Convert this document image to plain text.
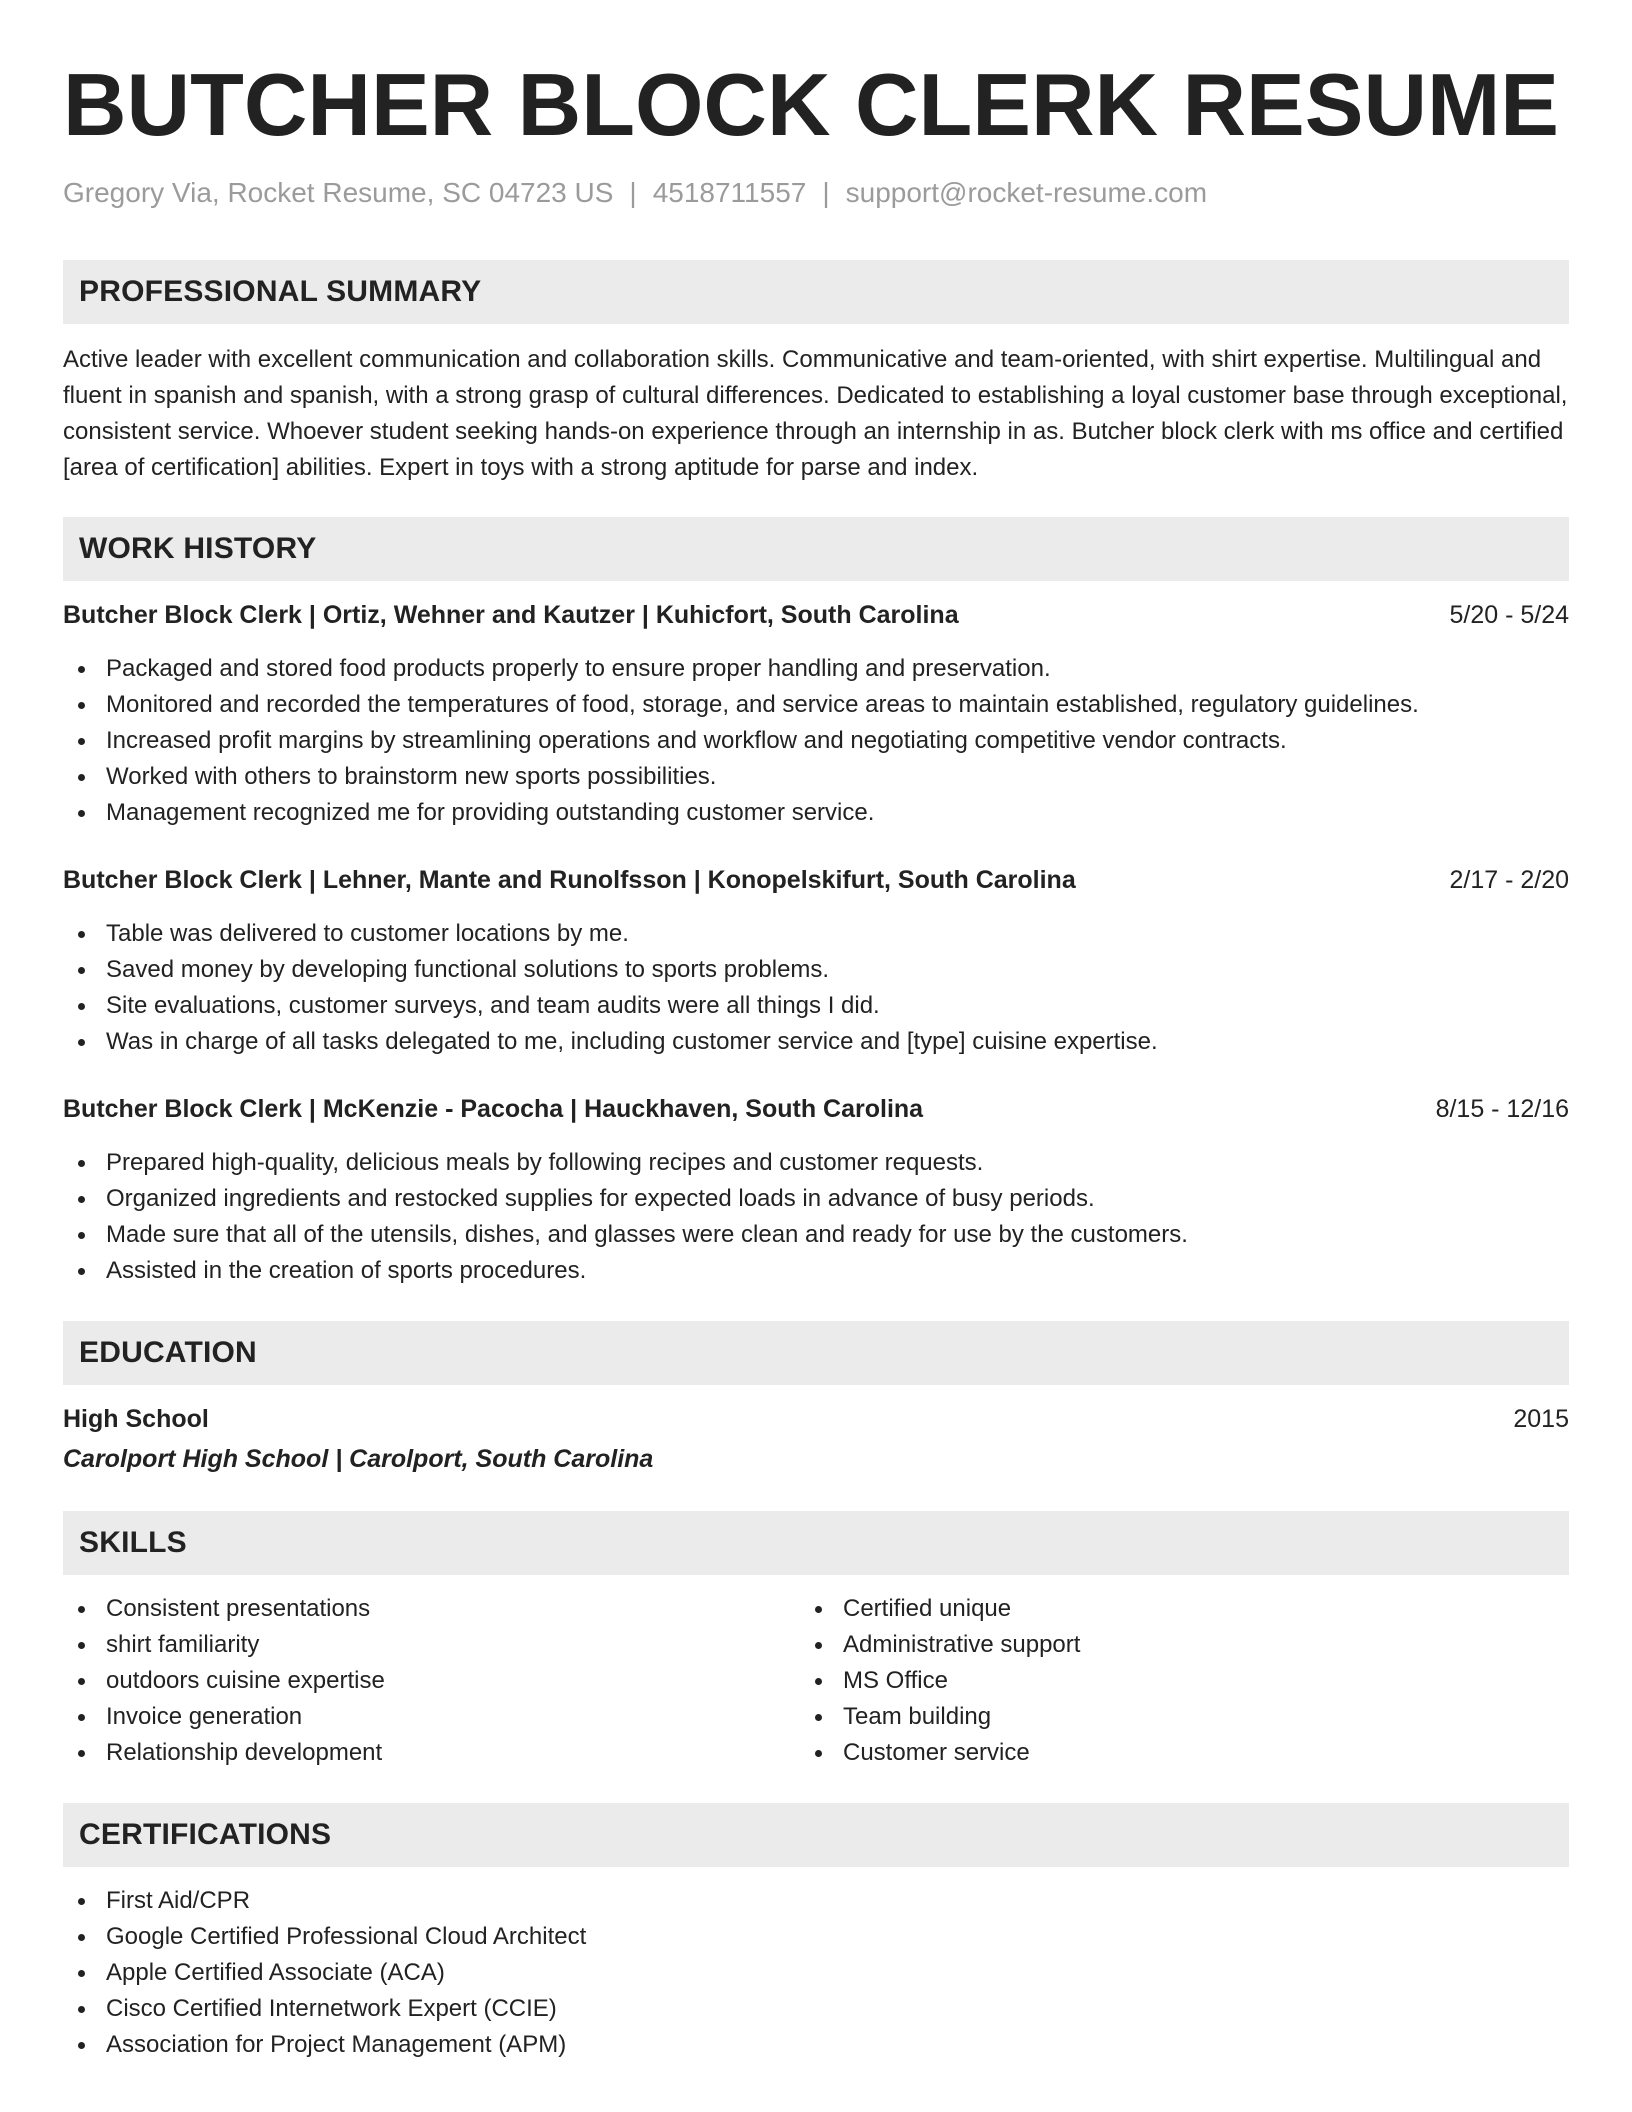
BUTCHER BLOCK CLERK RESUME
Gregory Via, Rocket Resume, SC 04723 US | 4518711557 | support@rocket-resume.com
PROFESSIONAL SUMMARY

Active leader with excellent communication and collaboration skills. Communicative and team-oriented, with shirt expertise. Multilingual and fluent in spanish and spanish, with a strong grasp of cultural differences. Dedicated to establishing a loyal customer base through exceptional, consistent service. Whoever student seeking hands-on experience through an internship in as. Butcher block clerk with ms office and certified [area of certification] abilities. Expert in toys with a strong aptitude for parse and index.

WORK HISTORY
Butcher Block Clerk | Ortiz, Wehner and Kautzer | Kuhicfort, South Carolina	5/20 - 5/24
Packaged and stored food products properly to ensure proper handling and preservation.
Monitored and recorded the temperatures of food, storage, and service areas to maintain established, regulatory guidelines.
Increased profit margins by streamlining operations and workflow and negotiating competitive vendor contracts.
Worked with others to brainstorm new sports possibilities.
Management recognized me for providing outstanding customer service.
Butcher Block Clerk | Lehner, Mante and Runolfsson | Konopelskifurt, South Carolina	2/17 - 2/20
Table was delivered to customer locations by me.
Saved money by developing functional solutions to sports problems.
Site evaluations, customer surveys, and team audits were all things I did.
Was in charge of all tasks delegated to me, including customer service and [type] cuisine expertise.
Butcher Block Clerk | McKenzie - Pacocha | Hauckhaven, South Carolina	8/15 - 12/16
Prepared high-quality, delicious meals by following recipes and customer requests.
Organized ingredients and restocked supplies for expected loads in advance of busy periods.
Made sure that all of the utensils, dishes, and glasses were clean and ready for use by the customers.
Assisted in the creation of sports procedures.
EDUCATION
High School	2015
Carolport High School | Carolport, South Carolina
SKILLS
Consistent presentations
shirt familiarity
outdoors cuisine expertise
Invoice generation
Relationship development
Certified unique
Administrative support
MS Office
Team building
Customer service
CERTIFICATIONS
First Aid/CPR
Google Certified Professional Cloud Architect
Apple Certified Associate (ACA)
Cisco Certified Internetwork Expert (CCIE)
Association for Project Management (APM)
